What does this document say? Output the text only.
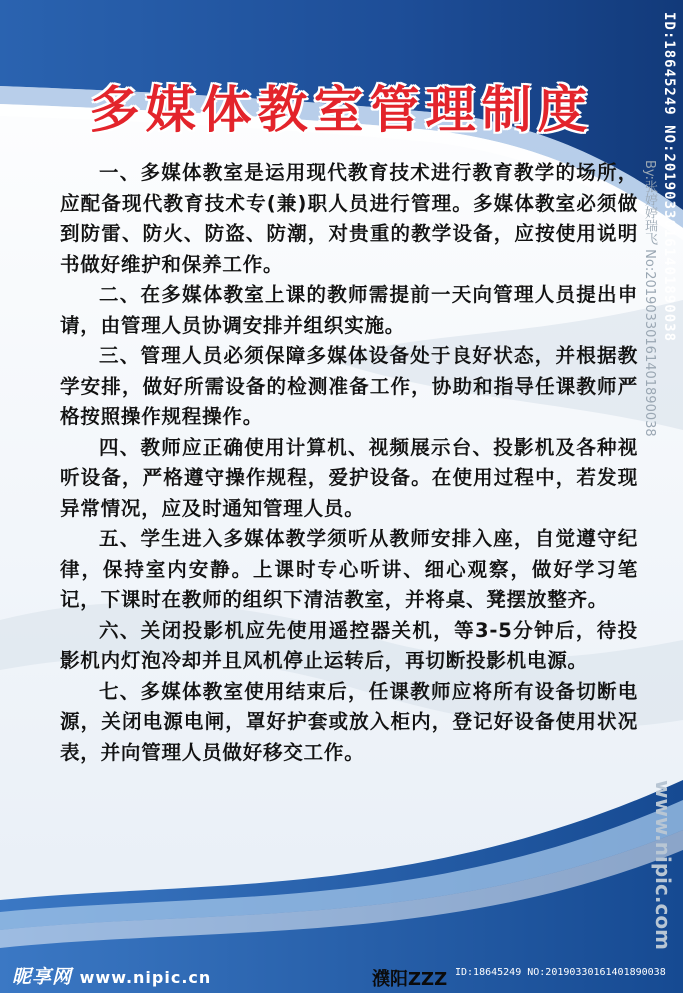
多媒体教室管理制度

一、多媒体教室是运用现代教育技术进行教育教学的场所，应配备现代教育技术专(兼)职人员进行管理。多媒体教室必须做到防雷、防火、防盗、防潮，对贵重的教学设备，应按使用说明书做好维护和保养工作。

二、在多媒体教室上课的教师需提前一天向管理人员提出申请，由管理人员协调安排并组织实施。

三、管理人员必须保障多媒体设备处于良好状态，并根据教学安排，做好所需设备的检测准备工作，协助和指导任课教师严格按照操作规程操作。

四、教师应正确使用计算机、视频展示台、投影机及各种视听设备，严格遵守操作规程，爱护设备。在使用过程中，若发现异常情况，应及时通知管理人员。

五、学生进入多媒体教学须听从教师安排入座，自觉遵守纪律，保持室内安静。上课时专心听讲、细心观察，做好学习笔记，下课时在教师的组织下清洁教室，并将桌、凳摆放整齐。

六、关闭投影机应先使用遥控器关机，等3-5分钟后，待投影机内灯泡冷却并且风机停止运转后，再切断投影机电源。

七、多媒体教室使用结束后，任课教师应将所有设备切断电源，关闭电源电闸，罩好护套或放入柜内，登记好设备使用状况表，并向管理人员做好移交工作。

ID:18645249 NO:20190330161401890038
By:张婷婷瑞飞 No:20190330161401890038
www.nipic.com
昵享网 www.nipic.cn	濮阳ZZZ ID:18645249 NO:20190330161401890038
